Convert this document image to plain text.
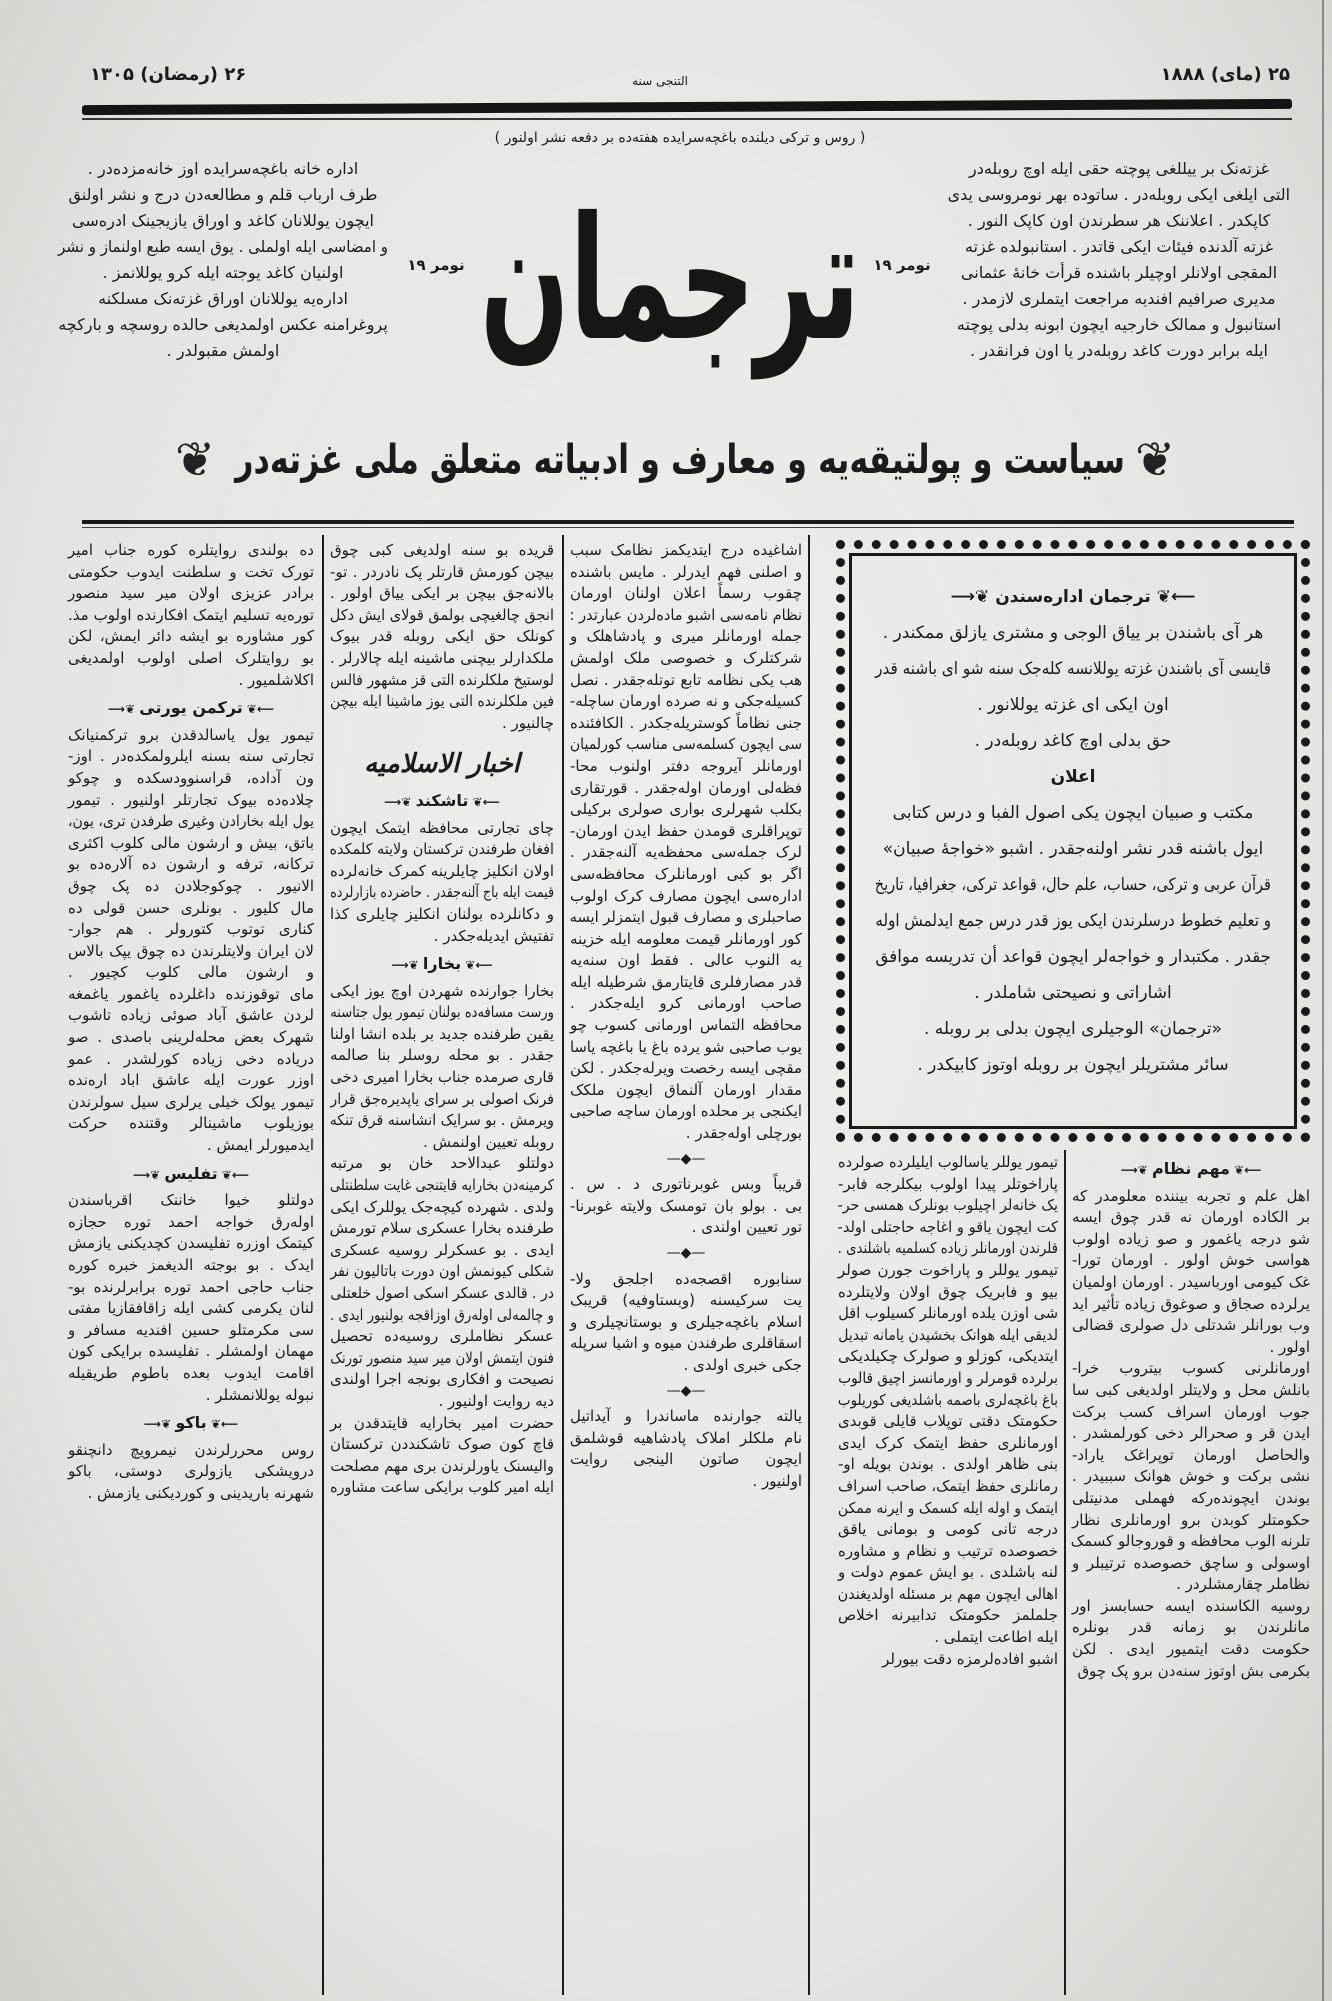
۲۵ (مای) ۱۸۸۸
۲۶ (رمضان) ۱۳۰۵	التنجى سنه
( روس و ترکی دیلنده باغچه‌سرایده هفته‌ده بر دفعه نشر اولنور )
اداره خانه باغچه‌سرایده اوز خانه‌مزده‌در .
طرف ارباب قلم و مطالعه‌دن درج و نشر اولنق
ایچون یوللانان کاغد و اوراق یازیجینک ادره‌سی
و امضاسی ایله اولملی . یوق ایسه طبع اولنماز و نشر
اولنیان کاغد یوجته ایله کرو یوللانمز .
اداره‌یه یوللانان اوراق غزته‌نک مسلکنه
پروغرامنه عکس اولمدیغی حالده روسچه و بارکچه
اولمش مقبولدر .
نومر ۱۹ ترجمان نومر ۱۹
غزته‌نک بر ییللغی پوچته حقی ایله اوچ روبله‌در
التی ایلغی ایکی روبله‌در . ساتوده بهر نومروسی یدی
کاپکدر . اعلاننک هر سطرندن اون کاپک النور .
غزته آلدنده فیئات ایکی قاتدر . استانبولده غزته
المقجی اولانلر اوچیلر باشنده قرأت خانهٔ عثمانی
مدیری صرافیم افندیه مراجعت ایتملری لازمدر .
استانبول و ممالک خارجیه ایچون ابونه بدلی پوچته
ایله برابر دورت کاغد روبله‌در یا اون فرانقدر .
❦ سیاست و پولتیقه‌یه و معارف و ادبیاته متعلق ملی غزته‌در ❦
ده بولندی روایتلره کوره جناب امیر
تورک تخت و سلطنت ایدوب حکومتی
برادر عزیزی اولان میر سید منصور
توره‌یه تسلیم ایتمک افکارنده اولوب مذ.
کور مشاوره بو ایشه دائر ایمش، لکن
بو روایتلرک اصلی اولوب اولمدیغی
اکلاشلمیور .
⟵❦ ترکمن یورتی ❦⟶
تیمور یول یاسالدقدن برو ترکمنیانک
تجارتی سنه بسنه ایلرولمکده‌در . اوز-
ون آداده، قراسنوودسکده و چوکو
چلاده‌ده بیوک تجارتلر اولنیور . تیمور
یول ایله بخارادن وغیری طرفدن تری، یون،
باتق، بیش و ارشون مالی کلوب اکثری
ترکانه، ترفه و ارشون ده آلاره‌ده بو
الانیور . چوکوجلادن ده پک چوق
مال کلیور . بونلری حسن قولی ده
کناری توتوب کتورولر . هم جوار-
لان ایران ولایتلرندن ده چوق یپک بالاس
و ارشون مالی کلوب کچیور .
مای توقوزنده داغلرده یاغمور یاغمغه
لردن عاشق آباد صوئی زیاده تاشوب
شهرک بعض محله‌لرینی باصدی . صو
دریاده دخی زیاده کورلشدر . عمو
اوزر عورت ایله عاشق اباد اره‌نده
تیمور یولک خیلی یرلری سیل سولرندن
بوزیلوب ماشینالر وقتنده حرکت
ایدمیورلر ایمش .
⟵❦ تفلیس ❦⟶
دولتلو خیوا خاننک اقرباسندن
اوله‌رق خواجه احمد توره حجازه
کیتمک اوزره تفلیسدن کچدیکنی یازمش
ایدک . بو بوجته الدیغمز خبره کوره
جناب حاجی احمد توره برابرلرنده بو-
لنان یکرمی کشی ایله زاقافقازیا مفتی
سی مکرمتلو حسین افندیه مسافر و
مهمان اولمشلر . تفلیسده برایکی کون
اقامت ایدوب بعده باطوم طریقیله
نبوله یوللانمشلر .
⟵❦ باکو ❦⟶
روس محررلرندن نیمرویچ دانچنقو
درویشکی یازولری دوستی، باکو
شهرنه باریدینی و کوردیکنی یازمش .
قریده بو سنه اولدیغی کبی چوق
بیچن کورمش قارتلر پک نادردر . تو-
بالانه‌جق بیچن بر ایکی ییاق اولور .
انجق چالغیچی بولمق قولای ایش دکل
کونلک حق ایکی روبله قدر بیوک
ملکدارلر بیچنی ماشینه ایله چالارلر .
لوستیخ ملکلرنده التی قز مشهور فالس
فین ملکلرنده التی یوز ماشینا ایله بیچن
چالنیور .
اخبار الاسلامیه
⟵❦ تاشکند ❦⟶
چای تجارتی محافظه ایتمک ایچون
افغان طرفندن ترکستان ولایته کلمکده
اولان انکلیز چایلرینه کمرک خانه‌لرده
قیمت ایله باج آلنه‌جقدر . حاضرده بازارلرده
و دکانلرده بولنان انکلیز چایلری کذا
تفتیش ایدیله‌جکدر .
⟵❦ بخارا ❦⟶
بخارا جوارنده شهردن اوچ یوز ایکی
ورست مسافه‌ده بولنان تیمور یول جتاسنه
یقین طرفنده جدید بر بلده انشا اولنا
جقدر . بو محله روسلر بنا صالمه
قاری صرمده جناب بخارا امیری دخی
فرنک اصولی بر سرای یاپدیره‌جق قرار
ویرمش . بو سرایک انشاسنه قرق تنکه
روبله تعیین اولنمش .
دولتلو عبدالاحد خان بو مرتبه
کرمینه‌دن بخارایه قایتنجی غایت سلطنتلی
ولدی . شهرده کیچه‌جک یوللرک ایکی
طرفنده بخارا عسکری سلام تورمش
ایدی . بو عسکرلر روسیه عسکری
شکلی کیونمش اون دورت باتالیون نفر
در . قالدی عسکر اسکی اصول خلعتلی
و چالمه‌لی اوله‌رق اوزاقجه بولنیور ایدی .
عسکر نظاملری روسیه‌ده تحصیل
فنون ایتمش اولان میر سید منصور تورنک
نصیحت و افکاری بونجه اجرا اولندی
دیه روایت اولنیور .
حضرت امیر بخارایه قایتدقدن بر
قاچ کون صوک تاشکنددن ترکستان
والیسنک یاورلرندن بری مهم مصلحت
ایله امیر کلوب برایکی ساعت مشاوره
اشاغیده درج ایتدیکمز نظامک سبب
و اصلنی فهم ایدرلر . مایس باشنده
چقوب رسماً اعلان اولنان اورمان
نظام نامه‌سی اشبو ماده‌لردن عبارتدر :
جمله اورمانلر میری و پادشاهلک و
شرکتلرک و خصوصی ملک اولمش
هب یکی نظامه تابع توتله‌جقدر . نصل
کسیله‌جکی و نه صرده اورمان ساچله-
جنی نظاماً کوستریله‌جکدر . الکافئنده
سی ایچون کسلمه‌سی مناسب کورلمیان
اورمانلر آیروجه دفتر اولنوب محا-
فظه‌لی اورمان اوله‌جقدر . قورتقاری
بکلب شهرلری بواری صولری برکیلی
توپراقلری قومدن حفظ ایدن اورمان-
لرک جمله‌سی محفظه‌یه آلنه‌جقدر .
اگر بو کبی اورمانلرک محافظه‌سی
اداره‌سی ایچون مصارف کرک اولوب
صاحبلری و مصارف قبول ایتمزلر ایسه
کور اورمانلر قیمت معلومه ایله خزینه
یه النوب عالی . فقط اون سنه‌یه
قدر مصارفلری قایتارمق شرطیله ایله
صاحب اورمانی کرو ایله‌جکدر .
محافظه التماس اورمانی کسوب چو
یوب صاحبی شو یرده باغ یا باغچه یاسا
مقچی ایسه رخصت ویرله‌جکدر . لکن
مقدار اورمان آلنماق ایچون ملکک
ایکنجی بر محلده اورمان ساچه صاحبی
بورچلی اوله‌جقدر .
—◆—
قریباً وبس غوبرناتوری د . س .
بی . بولو بان تومسک ولایته غوبرنا-
تور تعیین اولندی .
—◆—
سنابوره اقصجه‌ده اجلجق ولا-
یت سرکیسنه (وبستاوفیه) قریبک
اسلام باغچه‌جیلری و بوستانچیلری و
اسقاقلری طرفندن میوه و اشیا سرپله
جکی خبری اولدی .
—◆—
یالته جوارنده ماساندرا و آیداتیل
نام ملکلر املاک پادشاهیه قوشلمق
ایچون صاتون الینجی روایت
اولنیور .
⟵❦ ترجمان اداره‌سندن ❦⟶
هر آی باشندن بر ییاق الوجی و مشتری یازلق ممکندر .
قایسی آی باشندن غزته یوللانسه کله‌جک سنه شو ای باشنه قدر
اون ایکی ای غزته یوللانور .
حق بدلی اوچ کاغد روبله‌در .
اعلان
مکتب و صبیان ایچون یکی اصول الفبا و درس کتابی
ایول باشنه قدر نشر اولنه‌جقدر . اشبو «خواجهٔ صبیان»
قرآن عربی و ترکی، حساب، علم حال، قواعد ترکی، جغرافیا، تاریخ
و تعلیم خطوط درسلرندن ایکی یوز قدر درس جمع ایدلمش اوله
جقدر . مکتبدار و خواجه‌لر ایچون قواعد أن تدریسه موافق
اشاراتی و نصیحتی شاملدر .
«ترجمان» الوجیلری ایچون بدلی بر روبله .
سائر مشتریلر ایچون بر روبله اوتوز کابیکدر .
تیمور یوللر یاسالوب ایلیلرده صولرده
پاراخوتلر پیدا اولوب بیکلرجه فابر-
یک خانه‌لر اچیلوب بونلرک همسی حر-
کت ایچون یاقو و اغاجه حاجتلی اولد-
قلرندن اورمانلر زیاده کسلمیه باشلندی .
تیمور یوللر و پاراخوت جورن صولر
بیو و فابریک چوق اولان ولایتلرده
شی اوزن یلده اورمانلر کسیلوب اقل
لدیقی ایله هوانک بخشیدن یامانه تبدیل
ایتدیکی، کوزلو و صولرک چکیلدیکی
برلرده قومرلر و اورمانسز اچیق قالوب
باغ باغچه‌لری باصمه باشلدیغی کوریلوب
حکومتک دقتی توپلاب قایلی قوبدی
اورمانلری حفظ ایتمک کرک ایدی
بنی ظاهر اولدی . بوندن بویله او-
رمانلری حفظ ایتمک، صاحب اسراف
ایتمک و اوله ایله کسمک و ایرنه ممکن
درجه تانی کومی و بومانی یاقق
خصوصده ترتیب و نظام و مشاوره
لنه باشلدی . بو ایش عموم دولت و
اهالی ایچون مهم بر مسئله اولدیغندن
جلملمز حکومتک تدابیرنه اخلاص
ایله اطاعت ایتملی .
اشبو افاده‌لرمزه دقت بیورلر
⟵❦ مهم نظام ❦⟶
اهل علم و تجربه بیننده معلومدر که
بر الکاده اورمان نه قدر چوق ایسه
شو درجه یاغمور و صو زیاده اولوب
هواسی خوش اولور . اورمان تورا-
غک کیومی اورباسیدر . اورمان اولمیان
یرلرده صجاق و صوغوق زیاده تأثیر اید
وب بورانلر شدتلی دل صولری قضالی
اولور .
اورمانلرنی کسوب بیتروب خرا-
بانلش محل و ولایتلر اولدیغی کبی سا
جوب اورمان اسراف کسب برکت
ایدن قر و صحرالر دخی کورلمشدر .
والحاصل اورمان توپراغک یاراد-
نشی برکت و خوش هوانک سببیدر .
بوندن ایچونده‌رکه فهملی مدنیتلی
حکومتلر کوبدن برو اورمانلری نظار
تلرنه الوب محافظه و قوروجالو کسمک
اوسولی و ساچق خصوصده ترتیبلر و
نظاملر چقارمشلردر .
روسیه الکاسنده ایسه حسابسز اور
مانلرندن بو زمانه قدر بونلره
حکومت دقت ایتمیور ایدی . لکن
بکرمی بش اوتوز سنه‌دن برو پک چوق
